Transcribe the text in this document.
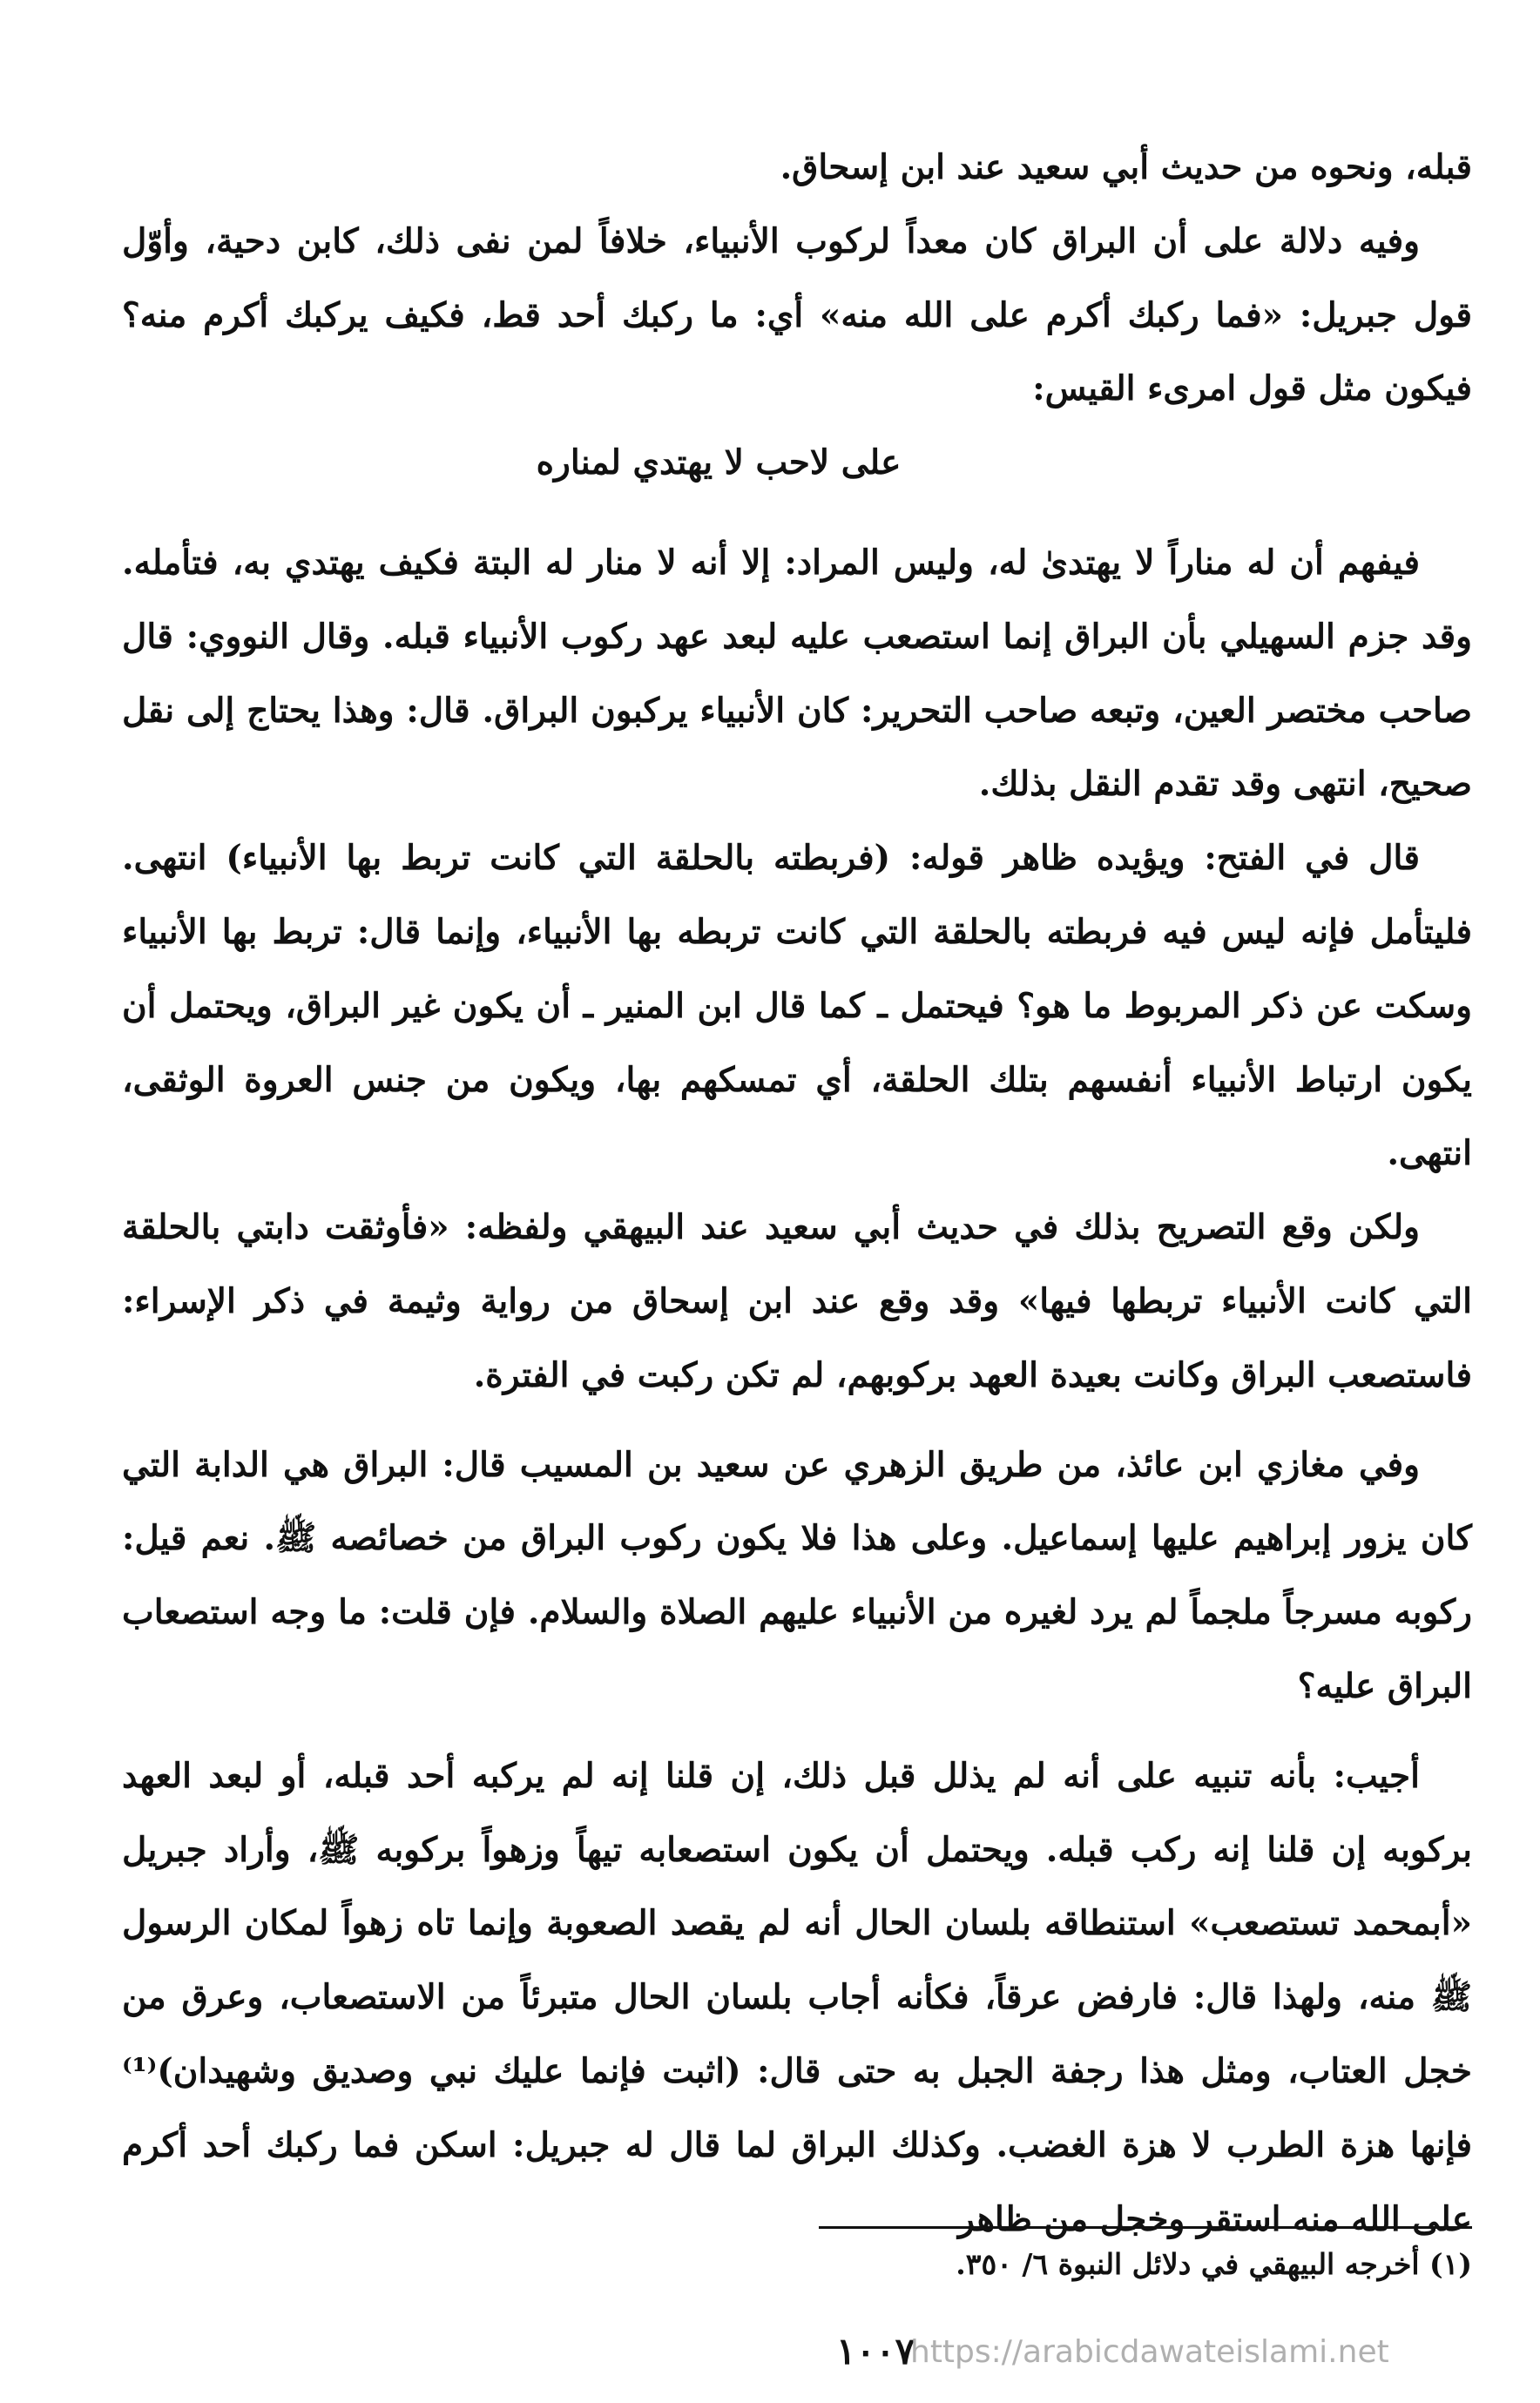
قبله، ونحوه من حديث أبي سعيد عند ابن إسحاق.

وفيه دلالة على أن البراق كان معداً لركوب الأنبياء، خلافاً لمن نفى ذلك، كابن دحية، وأوّل قول جبريل: «فما ركبك أكرم على الله منه» أي: ما ركبك أحد قط، فكيف يركبك أكرم منه؟ فيكون مثل قول امرىء القيس:

على لاحب لا يهتدي لمناره

فيفهم أن له مناراً لا يهتدىٰ له، وليس المراد: إلا أنه لا منار له البتة فكيف يهتدي به، فتأمله. وقد جزم السهيلي بأن البراق إنما استصعب عليه لبعد عهد ركوب الأنبياء قبله. وقال النووي: قال صاحب مختصر العين، وتبعه صاحب التحرير: كان الأنبياء يركبون البراق. قال: وهذا يحتاج إلى نقل صحيح، انتهى وقد تقدم النقل بذلك.

قال في الفتح: ويؤيده ظاهر قوله: (فربطته بالحلقة التي كانت تربط بها الأنبياء) انتهى. فليتأمل فإنه ليس فيه فربطته بالحلقة التي كانت تربطه بها الأنبياء، وإنما قال: تربط بها الأنبياء وسكت عن ذكر المربوط ما هو؟ فيحتمل ـ كما قال ابن المنير ـ أن يكون غير البراق، ويحتمل أن يكون ارتباط الأنبياء أنفسهم بتلك الحلقة، أي تمسكهم بها، ويكون من جنس العروة الوثقى، انتهى.

ولكن وقع التصريح بذلك في حديث أبي سعيد عند البيهقي ولفظه: «فأوثقت دابتي بالحلقة التي كانت الأنبياء تربطها فيها» وقد وقع عند ابن إسحاق من رواية وثيمة في ذكر الإسراء: فاستصعب البراق وكانت بعيدة العهد بركوبهم، لم تكن ركبت في الفترة.

وفي مغازي ابن عائذ، من طريق الزهري عن سعيد بن المسيب قال: البراق هي الدابة التي كان يزور إبراهيم عليها إسماعيل. وعلى هذا فلا يكون ركوب البراق من خصائصه ﷺ. نعم قيل: ركوبه مسرجاً ملجماً لم يرد لغيره من الأنبياء عليهم الصلاة والسلام. فإن قلت: ما وجه استصعاب البراق عليه؟

أجيب: بأنه تنبيه على أنه لم يذلل قبل ذلك، إن قلنا إنه لم يركبه أحد قبله، أو لبعد العهد بركوبه إن قلنا إنه ركب قبله. ويحتمل أن يكون استصعابه تيهاً وزهواً بركوبه ﷺ، وأراد جبريل «أبمحمد تستصعب» استنطاقه بلسان الحال أنه لم يقصد الصعوبة وإنما تاه زهواً لمكان الرسول ﷺ منه، ولهذا قال: فارفض عرقاً، فكأنه أجاب بلسان الحال متبرئاً من الاستصعاب، وعرق من خجل العتاب، ومثل هذا رجفة الجبل به حتى قال: (اثبت فإنما عليك نبي وصديق وشهيدان)⁽¹⁾ فإنها هزة الطرب لا هزة الغضب. وكذلك البراق لما قال له جبريل: اسكن فما ركبك أحد أكرم على الله منه استقر وخجل من ظاهر

(١) أخرجه البيهقي في دلائل النبوة ٦/ ٣٥٠.
١٠٠٧
https://arabicdawateislami.net
